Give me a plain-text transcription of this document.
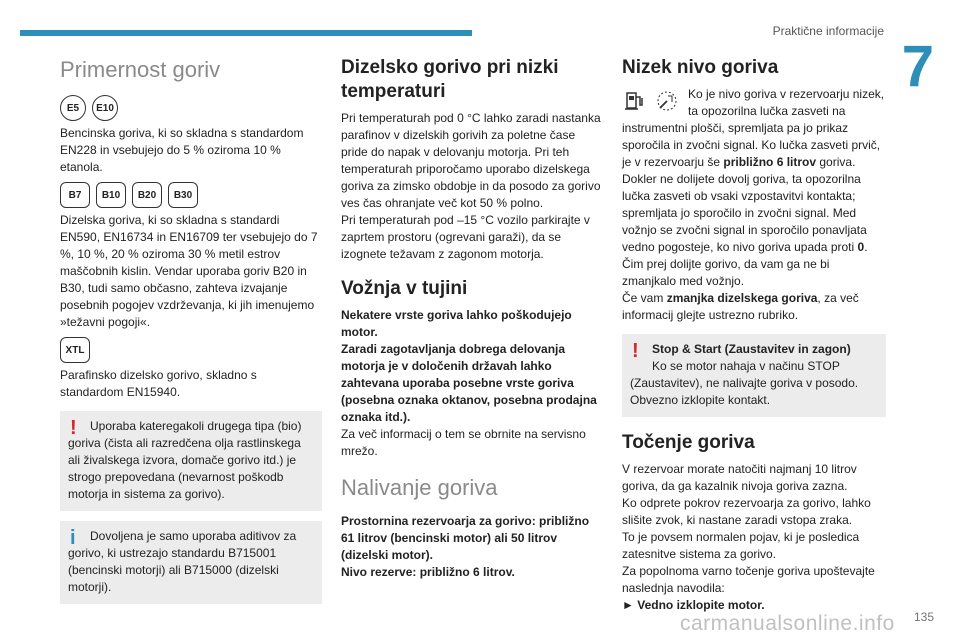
Praktične informacije
7
Primernost goriv
E5	E10

Bencinska goriva, ki so skladna s standardom EN228 in vsebujejo do 5 % oziroma 10 % etanola.

B7	B10	B20	B30

Dizelska goriva, ki so skladna s standardi EN590, EN16734 in EN16709 ter vsebujejo do 7 %, 10 %, 20 % oziroma 30 % metil estrov maščobnih kislin. Vendar uporaba goriv B20 in B30, tudi samo občasno, zahteva izvajanje posebnih pogojev vzdrževanja, ki jih imenujemo »težavni pogoji«.

XTL

Parafinsko dizelsko gorivo, skladno s standardom EN15940.

! Uporaba kateregakoli drugega tipa (bio) goriva (čista ali razredčena olja rastlinskega ali živalskega izvora, domače gorivo itd.) je strogo prepovedana (nevarnost poškodb motorja in sistema za gorivo).
i Dovoljena je samo uporaba aditivov za gorivo, ki ustrezajo standardu B715001 (bencinski motorji) ali B715000 (dizelski motorji).
Dizelsko gorivo pri nizki temperaturi

Pri temperaturah pod 0 °C lahko zaradi nastanka parafinov v dizelskih gorivih za poletne čase pride do napak v delovanju motorja. Pri teh temperaturah priporočamo uporabo dizelskega goriva za zimsko obdobje in da posodo za gorivo ves čas ohranjate več kot 50 % polno.

Pri temperaturah pod –15 °C vozilo parkirajte v zaprtem prostoru (ogrevani garaži), da se izognete težavam z zagonom motorja.

Vožnja v tujini

Nekatere vrste goriva lahko poškodujejo motor.

Zaradi zagotavljanja dobrega delovanja motorja je v določenih državah lahko zahtevana uporaba posebne vrste goriva (posebna oznaka oktanov, posebna prodajna oznaka itd.).

Za več informacij o tem se obrnite na servisno mrežo.

Nalivanje goriva

Prostornina rezervoarja za gorivo: približno 61 litrov (bencinski motor) ali 50 litrov (dizelski motor).

Nivo rezerve: približno 6 litrov.

Nizek nivo goriva

Ko je nivo goriva v rezervoarju nizek, ta opozorilna lučka zasveti na instrumentni plošči, spremljata pa jo prikaz sporočila in zvočni signal. Ko lučka zasveti prvič, je v rezervoarju še približno 6 litrov goriva.

Dokler ne dolijete dovolj goriva, ta opozorilna lučka zasveti ob vsaki vzpostavitvi kontakta; spremljata jo sporočilo in zvočni signal. Med vožnjo se zvočni signal in sporočilo ponavljata vedno pogosteje, ko nivo goriva upada proti 0.

Čim prej dolijte gorivo, da vam ga ne bi zmanjkalo med vožnjo.

Če vam zmanjka dizelskega goriva, za več informacij glejte ustrezno rubriko.

!	Stop & Start (Zaustavitev in zagon)
Ko se motor nahaja v načinu STOP (Zaustavitev), ne nalivajte goriva v posodo. Obvezno izklopite kontakt.
Točenje goriva

V rezervoar morate natočiti najmanj 10 litrov goriva, da ga kazalnik nivoja goriva zazna.

Ko odprete pokrov rezervoarja za gorivo, lahko slišite zvok, ki nastane zaradi vstopa zraka.

To je povsem normalen pojav, ki je posledica zatesnitve sistema za gorivo.

Za popolnoma varno točenje goriva upoštevajte naslednja navodila:

► Vedno izklopite motor.

135
carmanualsonline.info
